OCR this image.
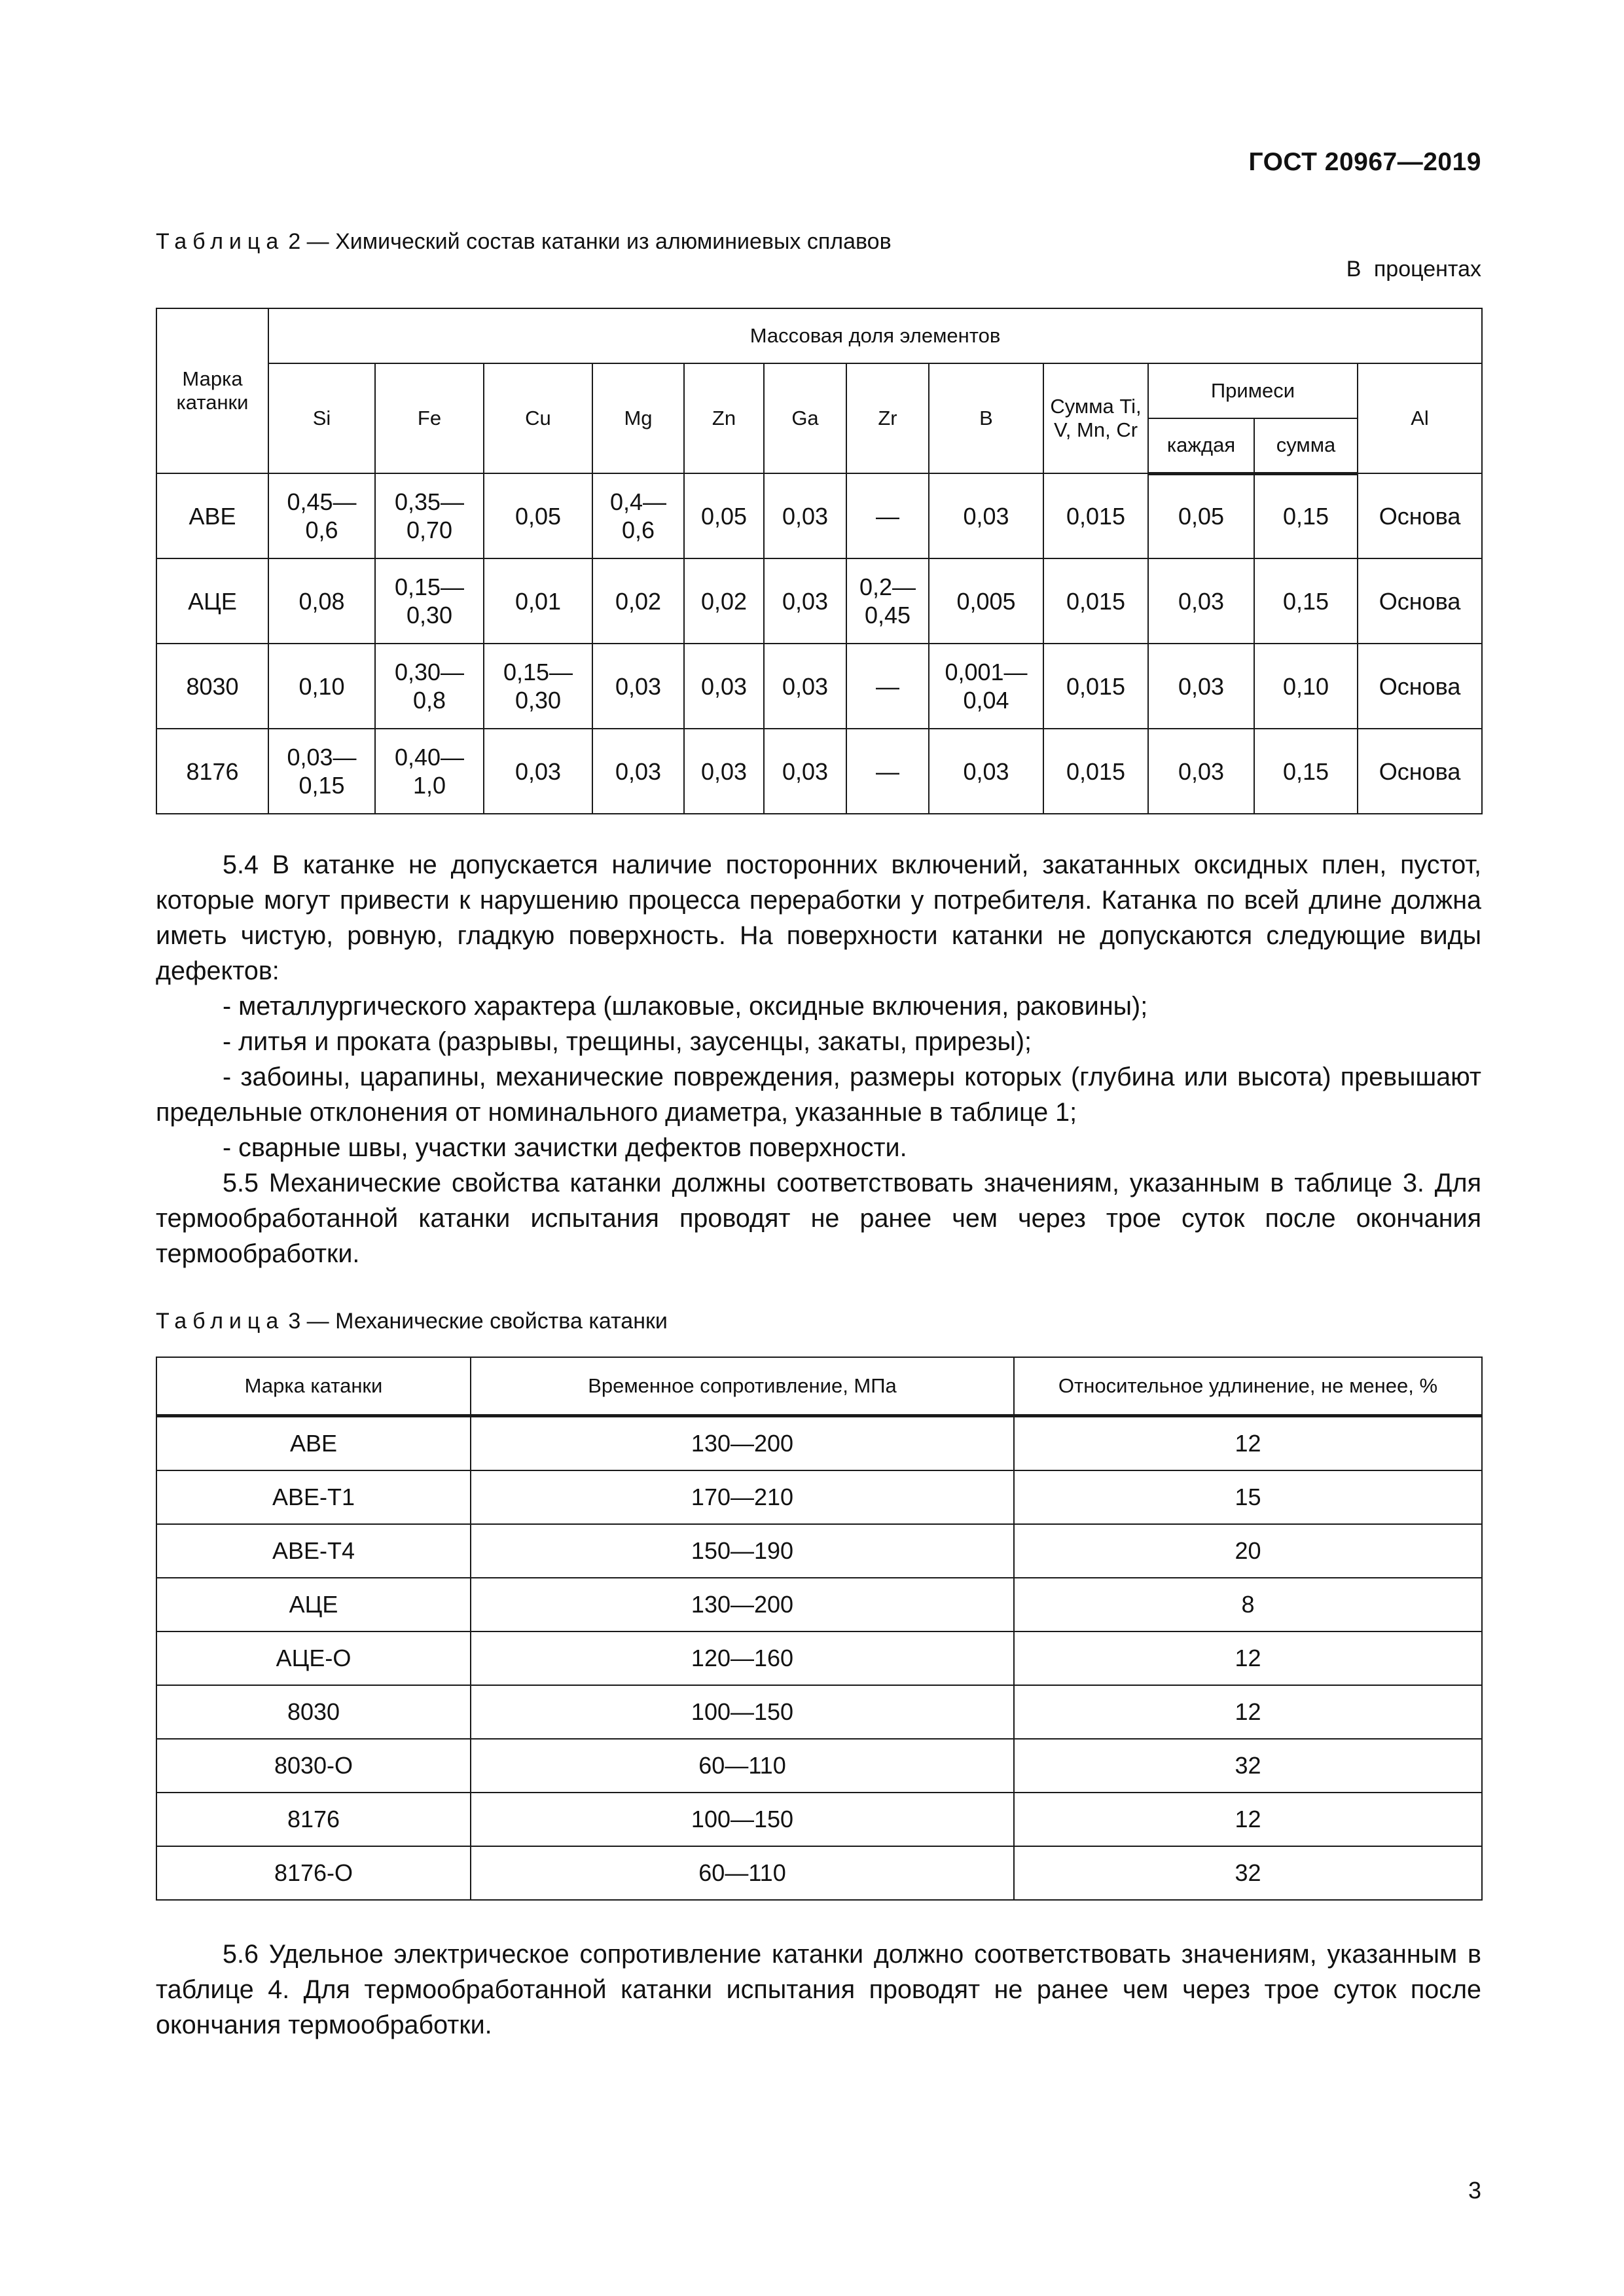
ГОСТ 20967—2019
Таблица 2 — Химический состав катанки из алюминиевых сплавов
В процентах
Марка катанки	Массовая доля элементов											
	Si	Fe	Cu	Mg	Zn	Ga	Zr	B	Сумма Ti, V, Mn, Cr	Примеси		Al
										каждая	сумма	
АВЕ	0,45— 0,6	0,35— 0,70	0,05	0,4— 0,6	0,05	0,03	—	0,03	0,015	0,05	0,15	Основа
АЦЕ	0,08	0,15— 0,30	0,01	0,02	0,02	0,03	0,2— 0,45	0,005	0,015	0,03	0,15	Основа
8030	0,10	0,30— 0,8	0,15— 0,30	0,03	0,03	0,03	—	0,001— 0,04	0,015	0,03	0,10	Основа
8176	0,03— 0,15	0,40— 1,0	0,03	0,03	0,03	0,03	—	0,03	0,015	0,03	0,15	Основа

5.4 В катанке не допускается наличие посторонних включений, закатанных оксидных плен, пустот, которые могут привести к нарушению процесса переработки у потребителя. Катанка по всей длине должна иметь чистую, ровную, гладкую поверхность. На поверхности катанки не допускаются следующие виды дефектов:

- металлургического характера (шлаковые, оксидные включения, раковины);

- литья и проката (разрывы, трещины, заусенцы, закаты, прирезы);

- забоины, царапины, механические повреждения, размеры которых (глубина или высота) превышают предельные отклонения от номинального диаметра, указанные в таблице 1;

- сварные швы, участки зачистки дефектов поверхности.

5.5 Механические свойства катанки должны соответствовать значениям, указанным в таблице 3. Для термообработанной катанки испытания проводят не ранее чем через трое суток после окончания термообработки.

Таблица 3 — Механические свойства катанки
Марка катанки	Временное сопротивление, МПа	Относительное удлинение, не менее, %
АВЕ	130—200	12
АВЕ-Т1	170—210	15
АВЕ-Т4	150—190	20
АЦЕ	130—200	8
АЦЕ-О	120—160	12
8030	100—150	12
8030-О	60—110	32
8176	100—150	12
8176-О	60—110	32

5.6 Удельное электрическое сопротивление катанки должно соответствовать значениям, указанным в таблице 4. Для термообработанной катанки испытания проводят не ранее чем через трое суток после окончания термообработки.

3
